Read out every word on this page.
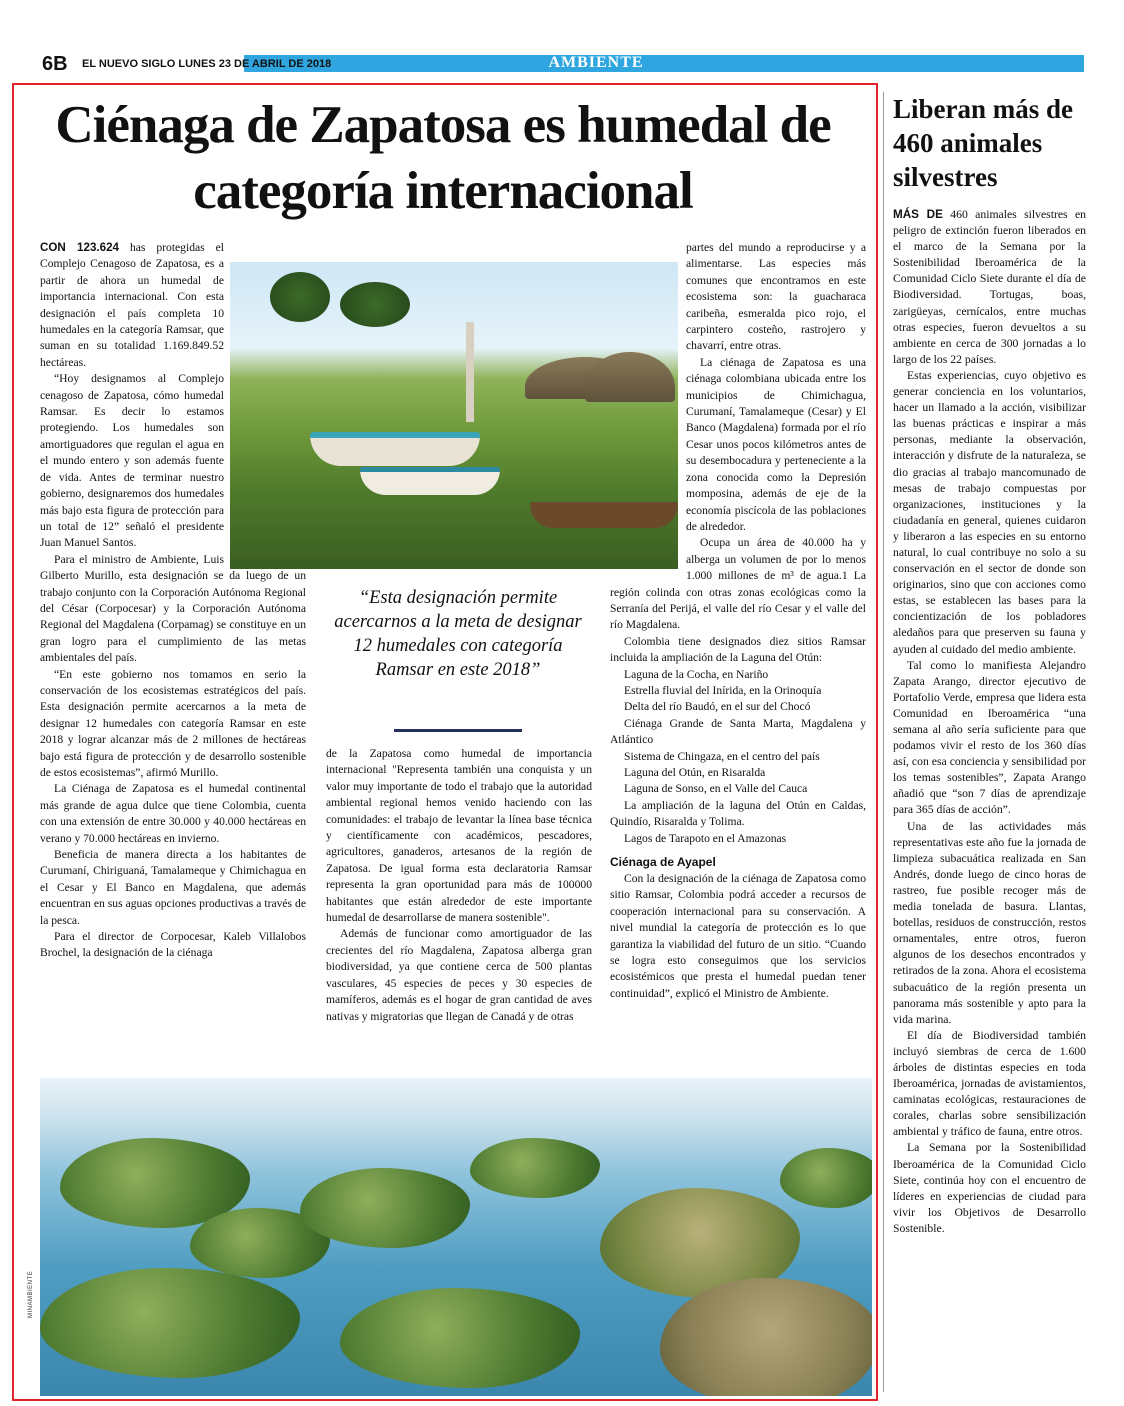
6B EL NUEVO SIGLO LUNES 23 DE ABRIL DE 2018	AMBIENTE
Ciénaga de Zapatosa es humedal de categoría internacional

CON 123.624 has protegidas el Complejo Cenagoso de Zapatosa, es a partir de ahora un humedal de importancia internacional. Con esta designación el país completa 10 humedales en la categoría Ramsar, que suman en su totalidad 1.169.849.52 hectáreas.

“Hoy designamos al Complejo cenagoso de Zapatosa, cómo humedal Ramsar. Es decir lo estamos protegiendo. Los humedales son amortiguadores que regulan el agua en el mundo entero y son además fuente de vida. Antes de terminar nuestro gobierno, designaremos dos humedales más bajo esta figura de protección para un total de 12” señaló el presidente Juan Manuel Santos.

Para el ministro de Ambiente, Luis Gilberto Murillo, esta designación se da luego de un trabajo conjunto con la Corporación Autónoma Regional del César (Corpocesar) y la Corporación Autónoma Regional del Magdalena (Corpamag) se constituye en un gran logro para el cumplimiento de las metas ambientales del país.

“En este gobierno nos tomamos en serio la conservación de los ecosistemas estratégicos del país. Esta designación permite acercarnos a la meta de designar 12 humedales con categoría Ramsar en este 2018 y lograr alcanzar más de 2 millones de hectáreas bajo está figura de protección y de desarrollo sostenible de estos ecosistemas”, afirmó Murillo.

La Ciénaga de Zapatosa es el humedal continental más grande de agua dulce que tiene Colombia, cuenta con una extensión de entre 30.000 y 40.000 hectáreas en verano y 70.000 hectáreas en invierno.

Beneficia de manera directa a los habitantes de Curumaní, Chiriguaná, Tamalameque y Chimichagua en el Cesar y El Banco en Magdalena, que además encuentran en sus aguas opciones productivas a través de la pesca.

Para el director de Corpocesar, Kaleb Villalobos Brochel, la designación de la ciénaga

“Esta designación permite acercarnos a la meta de designar 12 humedales con categoría Ramsar en este 2018”

de la Zapatosa como humedal de importancia internacional "Representa también una conquista y un valor muy importante de todo el trabajo que la autoridad ambiental regional hemos venido haciendo con las comunidades: el trabajo de levantar la línea base técnica y científicamente con académicos, pescadores, agricultores, ganaderos, artesanos de la región de Zapatosa. De igual forma esta declaratoria Ramsar representa la gran oportunidad para más de 100000 habitantes que están alrededor de este importante humedal de desarrollarse de manera sostenible".

Además de funcionar como amortiguador de las crecientes del río Magdalena, Zapatosa alberga gran biodiversidad, ya que contiene cerca de 500 plantas vasculares, 45 especies de peces y 30 especies de mamíferos, además es el hogar de gran cantidad de aves nativas y migratorias que llegan de Canadá y de otras

partes del mundo a reproducirse y a alimentarse. Las especies más comunes que encontramos en este ecosistema son: la guacharaca caribeña, esmeralda pico rojo, el carpintero costeño, rastrojero y chavarrí, entre otras.

La ciénaga de Zapatosa es una ciénaga colombiana ubicada entre los municipios de Chimichagua, Curumaní, Tamalameque (Cesar) y El Banco (Magdalena) formada por el río Cesar unos pocos kilómetros antes de su desembocadura y perteneciente a la zona conocida como la Depresión momposina, además de eje de la economía piscícola de las poblaciones de alrededor.

Ocupa un área de 40.000 ha y alberga un volumen de por lo menos 1.000 millones de m³ de agua.1 La región colinda con otras zonas ecológicas como la Serranía del Perijá, el valle del río Cesar y el valle del río Magdalena.

Colombia tiene designados diez sitios Ramsar incluida la ampliación de la Laguna del Otún:

Laguna de la Cocha, en Nariño

Estrella fluvial del Inírida, en la Orinoquía

Delta del río Baudó, en el sur del Chocó

Ciénaga Grande de Santa Marta, Magdalena y Atlántico

Sistema de Chingaza, en el centro del país

Laguna del Otún, en Risaralda

Laguna de Sonso, en el Valle del Cauca

La ampliación de la laguna del Otún en Caldas, Quindío, Risaralda y Tolima.

Lagos de Tarapoto en el Amazonas

Ciénaga de Ayapel

Con la designación de la ciénaga de Zapatosa como sitio Ramsar, Colombia podrá acceder a recursos de cooperación internacional para su conservación. A nivel mundial la categoría de protección es lo que garantiza la viabilidad del futuro de un sitio. “Cuando se logra esto conseguimos que los servicios ecosistémicos que presta el humedal puedan tener continuidad”, explicó el Ministro de Ambiente.

MINAMBIENTE
Liberan más de 460 animales silvestres

MÁS DE 460 animales silvestres en peligro de extinción fueron liberados en el marco de la Semana por la Sostenibilidad Iberoamérica de la Comunidad Ciclo Siete durante el día de Biodiversidad. Tortugas, boas, zarigüeyas, cernícalos, entre muchas otras especies, fueron devueltos a su ambiente en cerca de 300 jornadas a lo largo de los 22 países.

Estas experiencias, cuyo objetivo es generar conciencia en los voluntarios, hacer un llamado a la acción, visibilizar las buenas prácticas e inspirar a más personas, mediante la observación, interacción y disfrute de la naturaleza, se dio gracias al trabajo mancomunado de mesas de trabajo compuestas por organizaciones, instituciones y la ciudadanía en general, quienes cuidaron y liberaron a las especies en su entorno natural, lo cual contribuye no solo a su conservación en el sector de donde son originarios, sino que con acciones como estas, se establecen las bases para la concientización de los pobladores aledaños para que preserven su fauna y ayuden al cuidado del medio ambiente.

Tal como lo manifiesta Alejandro Zapata Arango, director ejecutivo de Portafolio Verde, empresa que lidera esta Comunidad en Iberoamérica “una semana al año sería suficiente para que podamos vivir el resto de los 360 días así, con esa conciencia y sensibilidad por los temas sostenibles”, Zapata Arango añadió que “son 7 días de aprendizaje para 365 días de acción”.

Una de las actividades más representativas este año fue la jornada de limpieza subacuática realizada en San Andrés, donde luego de cinco horas de rastreo, fue posible recoger más de media tonelada de basura. Llantas, botellas, residuos de construcción, restos ornamentales, entre otros, fueron algunos de los desechos encontrados y retirados de la zona. Ahora el ecosistema subacuático de la región presenta un panorama más sostenible y apto para la vida marina.

El día de Biodiversidad también incluyó siembras de cerca de 1.600 árboles de distintas especies en toda Iberoamérica, jornadas de avistamientos, caminatas ecológicas, restauraciones de corales, charlas sobre sensibilización ambiental y tráfico de fauna, entre otros.

La Semana por la Sostenibilidad Iberoamérica de la Comunidad Ciclo Siete, continúa hoy con el encuentro de líderes en experiencias de ciudad para vivir los Objetivos de Desarrollo Sostenible.
